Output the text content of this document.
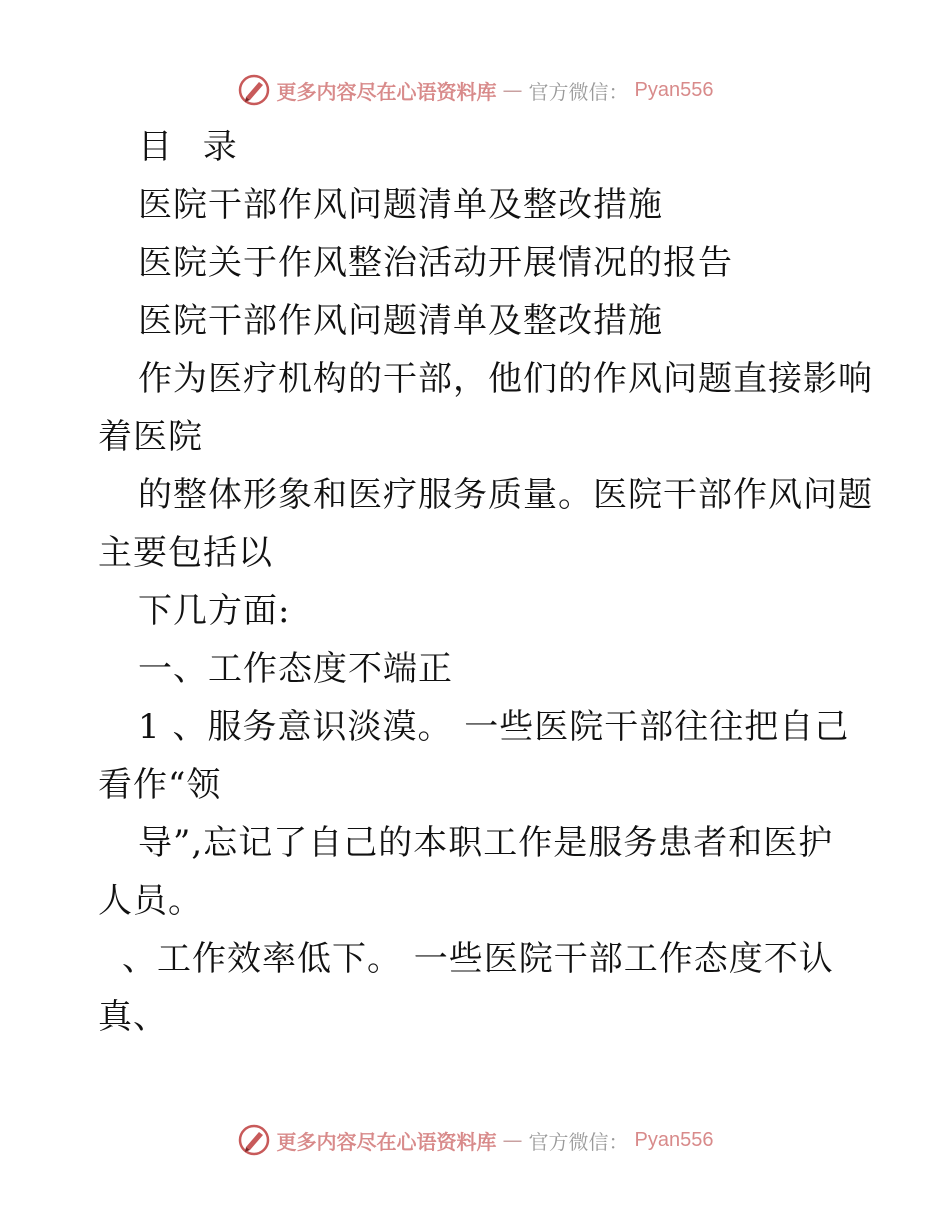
更多内容尽在心语资料库 — 官方微信： Pyan556
目 录
医院干部作风问题清单及整改措施
医院关于作风整治活动开展情况的报告
医院干部作风问题清单及整改措施
作为医疗机构的干部，他们的作风问题直接影响
着医院
的整体形象和医疗服务质量。医院干部作风问题
主要包括以
下几方面:
一、工作态度不端正
1 、服务意识淡漠。 一些医院干部往往把自己
看作“领
导”,忘记了自己的本职工作是服务患者和医护
人员。
、工作效率低下。 一些医院干部工作态度不认
真、
更多内容尽在心语资料库 — 官方微信： Pyan556
